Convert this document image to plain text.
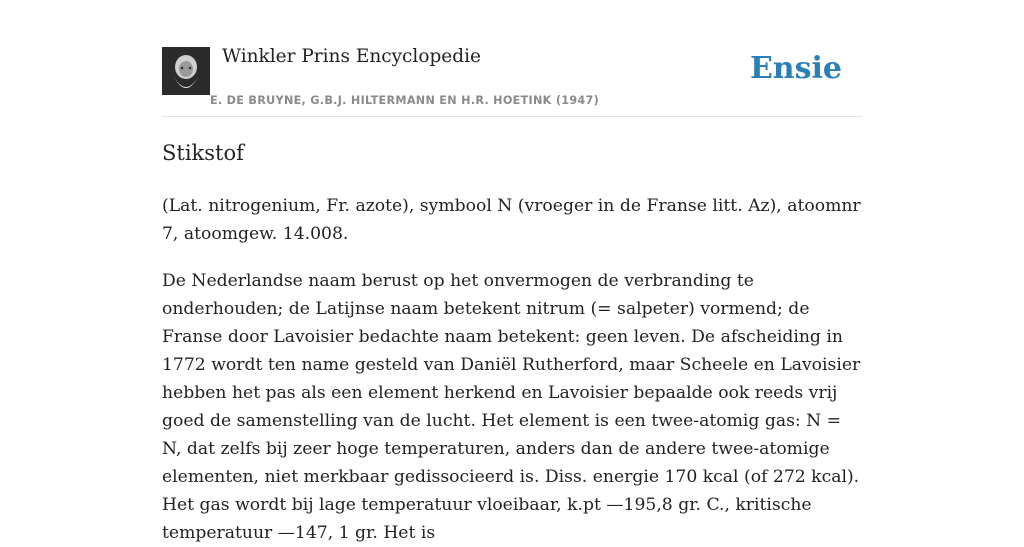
Winkler Prins Encyclopedie
E. DE BRUYNE, G.B.J. HILTERMANN EN H.R. HOETINK (1947)
Ensie
Stikstof

(Lat. nitrogenium, Fr. azote), symbool N (vroeger in de Franse litt. Az), atoomnr 7, atoomgew. 14.008.

De Nederlandse naam berust op het onvermogen de verbranding te onderhouden; de Latijnse naam betekent nitrum (= salpeter) vormend; de Franse door Lavoisier bedachte naam betekent: geen leven. De afscheiding in 1772 wordt ten name gesteld van Daniël Rutherford, maar Scheele en Lavoisier hebben het pas als een element herkend en Lavoisier bepaalde ook reeds vrij goed de samenstelling van de lucht. Het element is een twee-atomig gas: N = N, dat zelfs bij zeer hoge temperaturen, anders dan de andere twee-atomige elementen, niet merkbaar gedissocieerd is. Diss. energie 170 kcal (of 272 kcal). Het gas wordt bij lage temperatuur vloeibaar, k.pt —195,8 gr. C., kritische temperatuur —147, 1 gr. Het is
